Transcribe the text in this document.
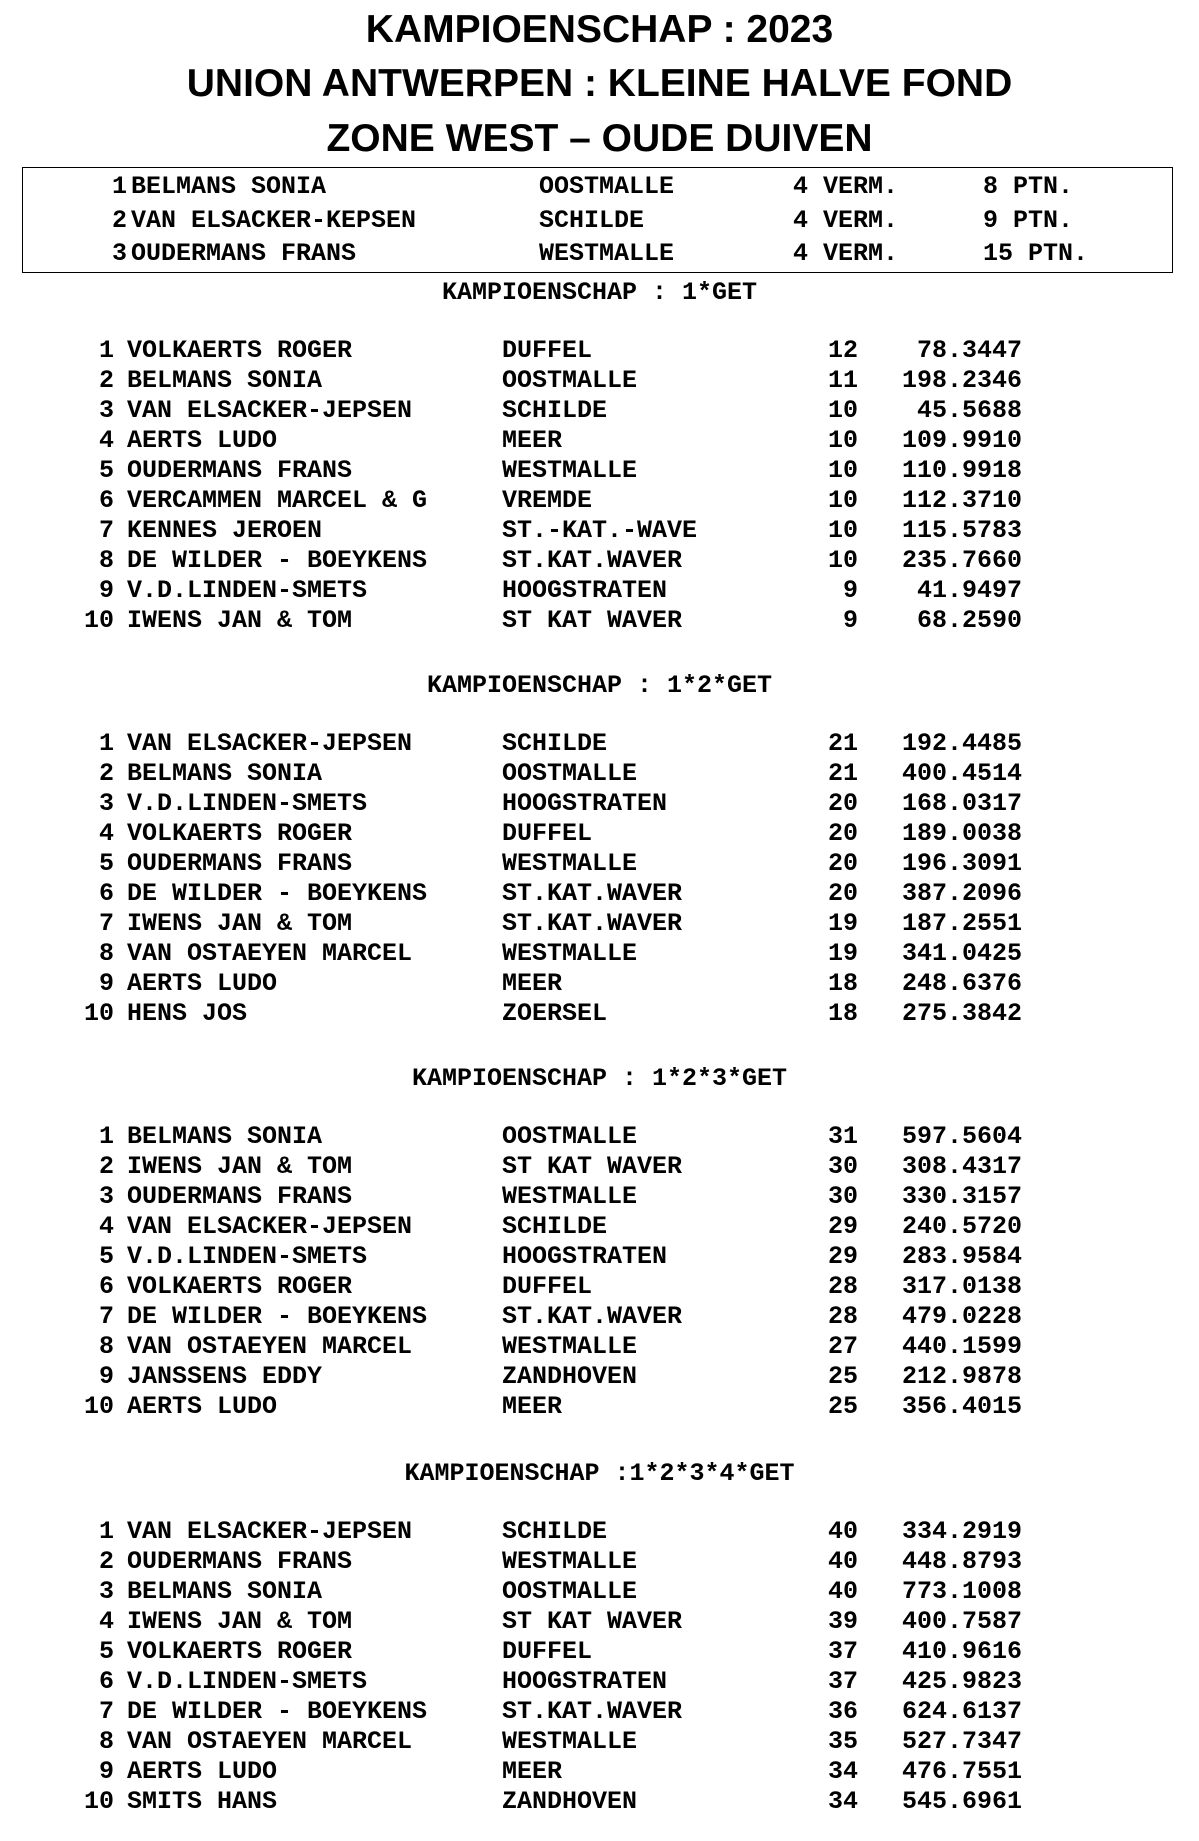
KAMPIOENSCHAP : 2023
UNION ANTWERPEN : KLEINE HALVE FOND
ZONE WEST – OUDE DUIVEN
1 BELMANS SONIA	OOSTMALLE	4 VERM.	8 PTN.
2 VAN ELSACKER-KEPSEN	SCHILDE	4 VERM.	9 PTN.
3 OUDERMANS FRANS	WESTMALLE	4 VERM.	15 PTN.
KAMPIOENSCHAP : 1*GET
1 VOLKAERTS ROGER	DUFFEL	12	78.3447
2 BELMANS SONIA	OOSTMALLE	11	198.2346
3 VAN ELSACKER-JEPSEN	SCHILDE	10	45.5688
4 AERTS LUDO	MEER	10	109.9910
5 OUDERMANS FRANS	WESTMALLE	10	110.9918
6 VERCAMMEN MARCEL & G	VREMDE	10	112.3710
7 KENNES JEROEN	ST.-KAT.-WAVE	10	115.5783
8 DE WILDER - BOEYKENS	ST.KAT.WAVER	10	235.7660
9 V.D.LINDEN-SMETS	HOOGSTRATEN	9	41.9497
10 IWENS JAN & TOM	ST KAT WAVER	9	68.2590
KAMPIOENSCHAP : 1*2*GET
1 VAN ELSACKER-JEPSEN	SCHILDE	21	192.4485
2 BELMANS SONIA	OOSTMALLE	21	400.4514
3 V.D.LINDEN-SMETS	HOOGSTRATEN	20	168.0317
4 VOLKAERTS ROGER	DUFFEL	20	189.0038
5 OUDERMANS FRANS	WESTMALLE	20	196.3091
6 DE WILDER - BOEYKENS	ST.KAT.WAVER	20	387.2096
7 IWENS JAN & TOM	ST.KAT.WAVER	19	187.2551
8 VAN OSTAEYEN MARCEL	WESTMALLE	19	341.0425
9 AERTS LUDO	MEER	18	248.6376
10 HENS JOS	ZOERSEL	18	275.3842
KAMPIOENSCHAP : 1*2*3*GET
1 BELMANS SONIA	OOSTMALLE	31	597.5604
2 IWENS JAN & TOM	ST KAT WAVER	30	308.4317
3 OUDERMANS FRANS	WESTMALLE	30	330.3157
4 VAN ELSACKER-JEPSEN	SCHILDE	29	240.5720
5 V.D.LINDEN-SMETS	HOOGSTRATEN	29	283.9584
6 VOLKAERTS ROGER	DUFFEL	28	317.0138
7 DE WILDER - BOEYKENS	ST.KAT.WAVER	28	479.0228
8 VAN OSTAEYEN MARCEL	WESTMALLE	27	440.1599
9 JANSSENS EDDY	ZANDHOVEN	25	212.9878
10 AERTS LUDO	MEER	25	356.4015
KAMPIOENSCHAP :1*2*3*4*GET
1 VAN ELSACKER-JEPSEN	SCHILDE	40	334.2919
2 OUDERMANS FRANS	WESTMALLE	40	448.8793
3 BELMANS SONIA	OOSTMALLE	40	773.1008
4 IWENS JAN & TOM	ST KAT WAVER	39	400.7587
5 VOLKAERTS ROGER	DUFFEL	37	410.9616
6 V.D.LINDEN-SMETS	HOOGSTRATEN	37	425.9823
7 DE WILDER - BOEYKENS	ST.KAT.WAVER	36	624.6137
8 VAN OSTAEYEN MARCEL	WESTMALLE	35	527.7347
9 AERTS LUDO	MEER	34	476.7551
10 SMITS HANS	ZANDHOVEN	34	545.6961
